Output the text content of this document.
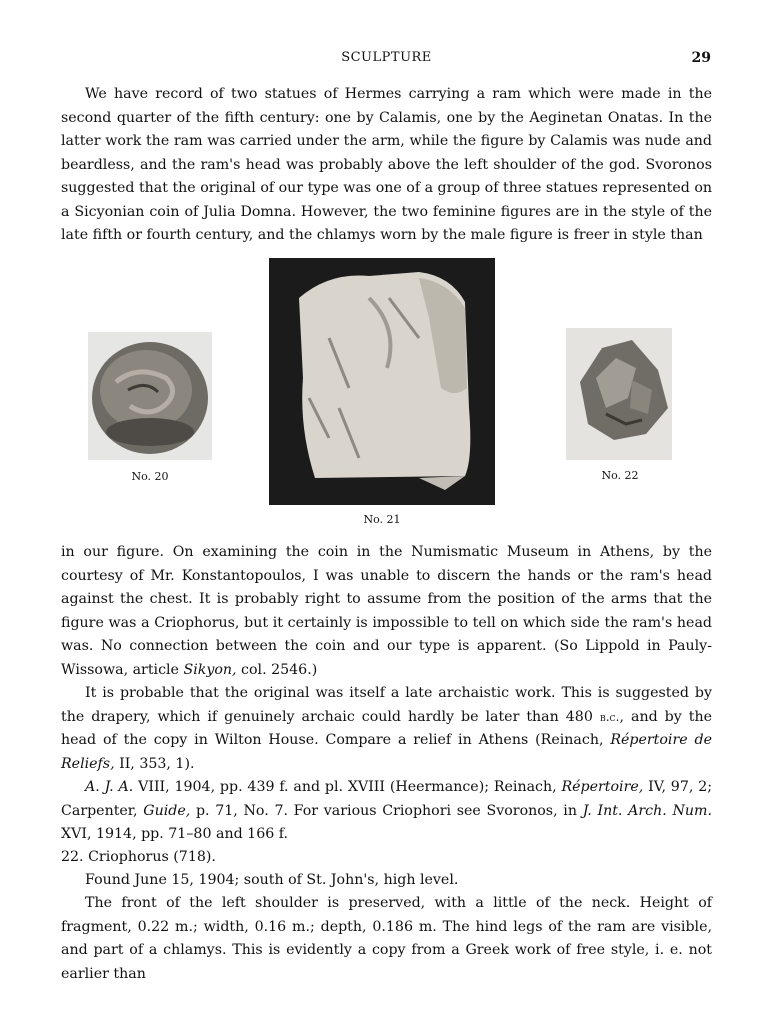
SCULPTURE	29

We have record of two statues of Hermes carrying a ram which were made in the second quarter of the fifth century: one by Calamis, one by the Aeginetan Onatas. In the latter work the ram was carried under the arm, while the figure by Calamis was nude and beardless, and the ram's head was probably above the left shoulder of the god. Svoronos suggested that the original of our type was one of a group of three statues represented on a Sicyonian coin of Julia Domna. However, the two feminine figures are in the style of the late fifth or fourth century, and the chlamys worn by the male figure is freer in style than

No. 20
No. 21
No. 22

in our figure. On examining the coin in the Numismatic Museum in Athens, by the courtesy of Mr. Konstantopoulos, I was unable to discern the hands or the ram's head against the chest. It is probably right to assume from the position of the arms that the figure was a Criophorus, but it certainly is impossible to tell on which side the ram's head was. No connection between the coin and our type is apparent. (So Lippold in Pauly-Wissowa, article Sikyon, col. 2546.)

It is probable that the original was itself a late archaistic work. This is suggested by the drapery, which if genuinely archaic could hardly be later than 480 b.c., and by the head of the copy in Wilton House. Compare a relief in Athens (Reinach, Répertoire de Reliefs, II, 353, 1).

A. J. A. VIII, 1904, pp. 439 f. and pl. XVIII (Heermance); Reinach, Répertoire, IV, 97, 2; Carpenter, Guide, p. 71, No. 7. For various Criophori see Svoronos, in J. Int. Arch. Num. XVI, 1914, pp. 71–80 and 166 f.

22. Criophorus (718).

Found June 15, 1904; south of St. John's, high level.

The front of the left shoulder is preserved, with a little of the neck. Height of fragment, 0.22 m.; width, 0.16 m.; depth, 0.186 m. The hind legs of the ram are visible, and part of a chlamys. This is evidently a copy from a Greek work of free style, i. e. not earlier than
